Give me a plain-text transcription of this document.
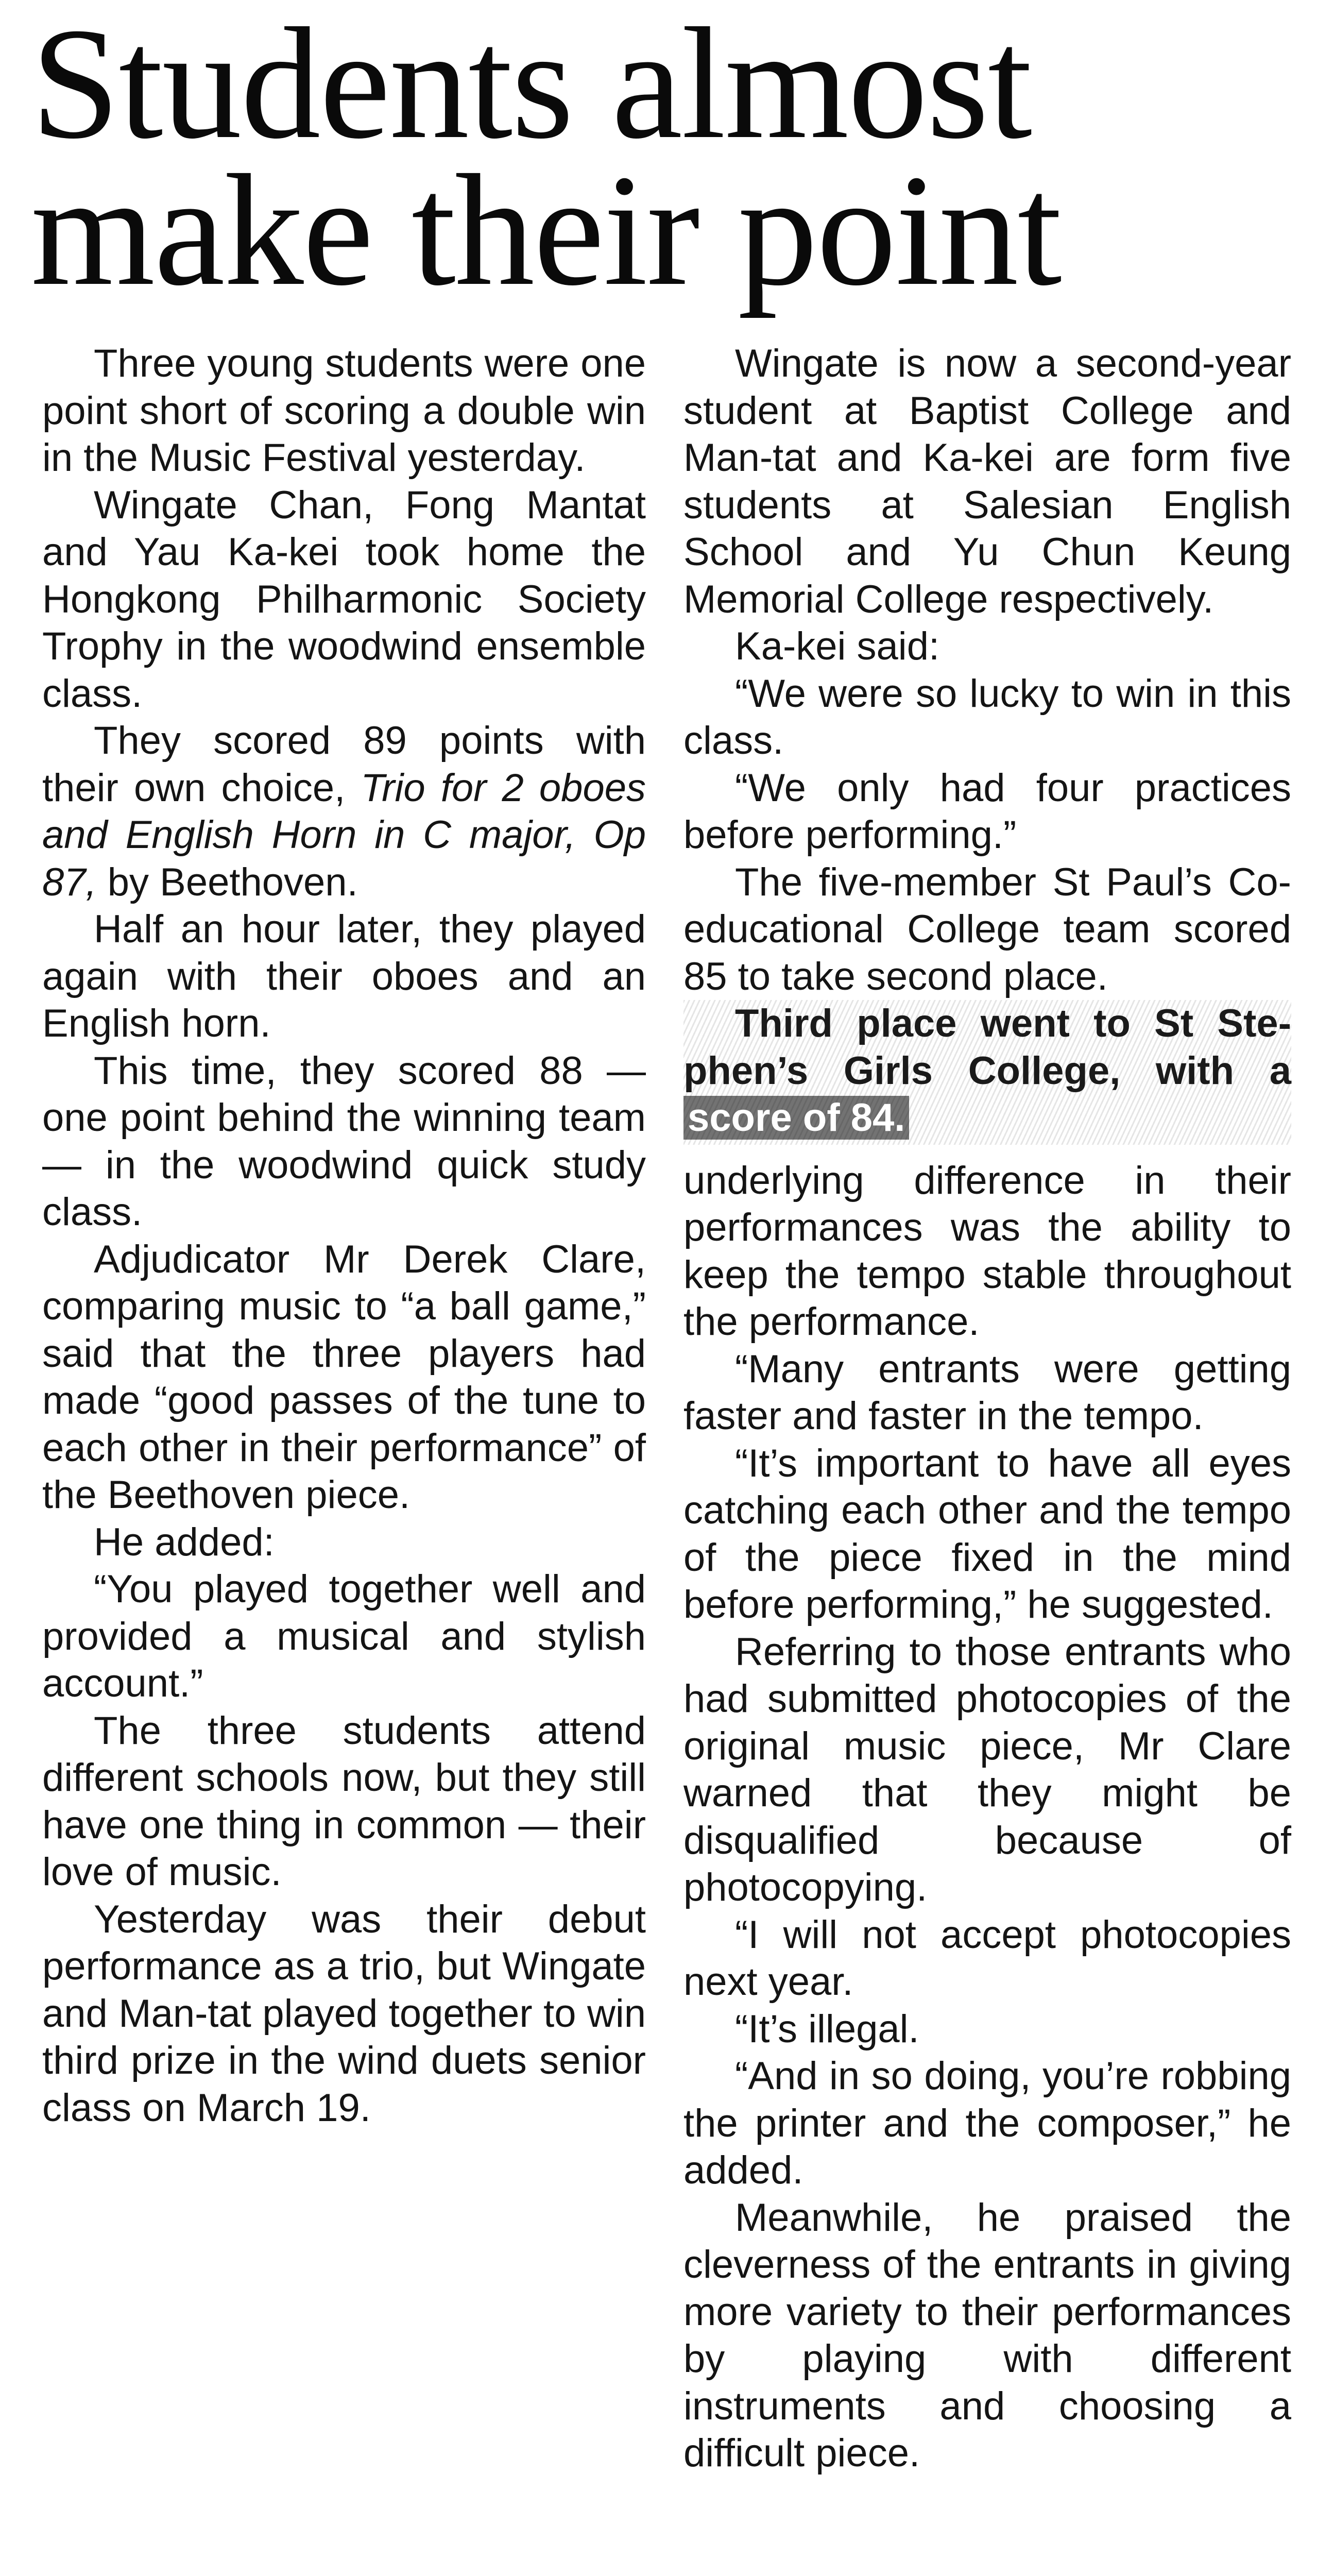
Students almost
make their point

Three young students were one point short of scoring a double win in the Music Festival yesterday.

Wingate Chan, Fong Mantat and Yau Ka-kei took home the Hongkong Philharmonic Society Trophy in the woodwind ensemble class.

They scored 89 points with their own choice, Trio for 2 oboes and English Horn in C major, Op 87, by Beethoven.

Half an hour later, they played again with their oboes and an English horn.

This time, they scored 88 — one point behind the winning team — in the woodwind quick study class.

Adjudicator Mr Derek Clare, comparing music to “a ball game,” said that the three players had made “good passes of the tune to each other in their performance” of the Beethoven piece.

He added:

“You played together well and provided a musical and stylish account.”

The three students attend different schools now, but they still have one thing in common — their love of music.

Yesterday was their debut performance as a trio, but Wingate and Man-tat played together to win third prize in the wind duets senior class on March 19.

Wingate is now a second-year student at Baptist College and Man-tat and Ka-kei are form five students at Salesian English School and Yu Chun Keung Memorial College respectively.

Ka-kei said:

“We were so lucky to win in this class.

“We only had four practices before performing.”

The five-member St Paul’s Co-educational College team scored 85 to take second place.

Third place went to St Stephen’s Girls College, with a score of 84.

underlying difference in their performances was the ability to keep the tempo stable throughout the performance.

“Many entrants were getting faster and faster in the tempo.

“It’s important to have all eyes catching each other and the tempo of the piece fixed in the mind before performing,” he suggested.

Referring to those entrants who had submitted photocopies of the original music piece, Mr Clare warned that they might be disqualified because of photocopying.

“I will not accept photocopies next year.

“It’s illegal.

“And in so doing, you’re robbing the printer and the composer,” he added.

Meanwhile, he praised the cleverness of the entrants in giving more variety to their performances by playing with different instruments and choosing a difficult piece.
